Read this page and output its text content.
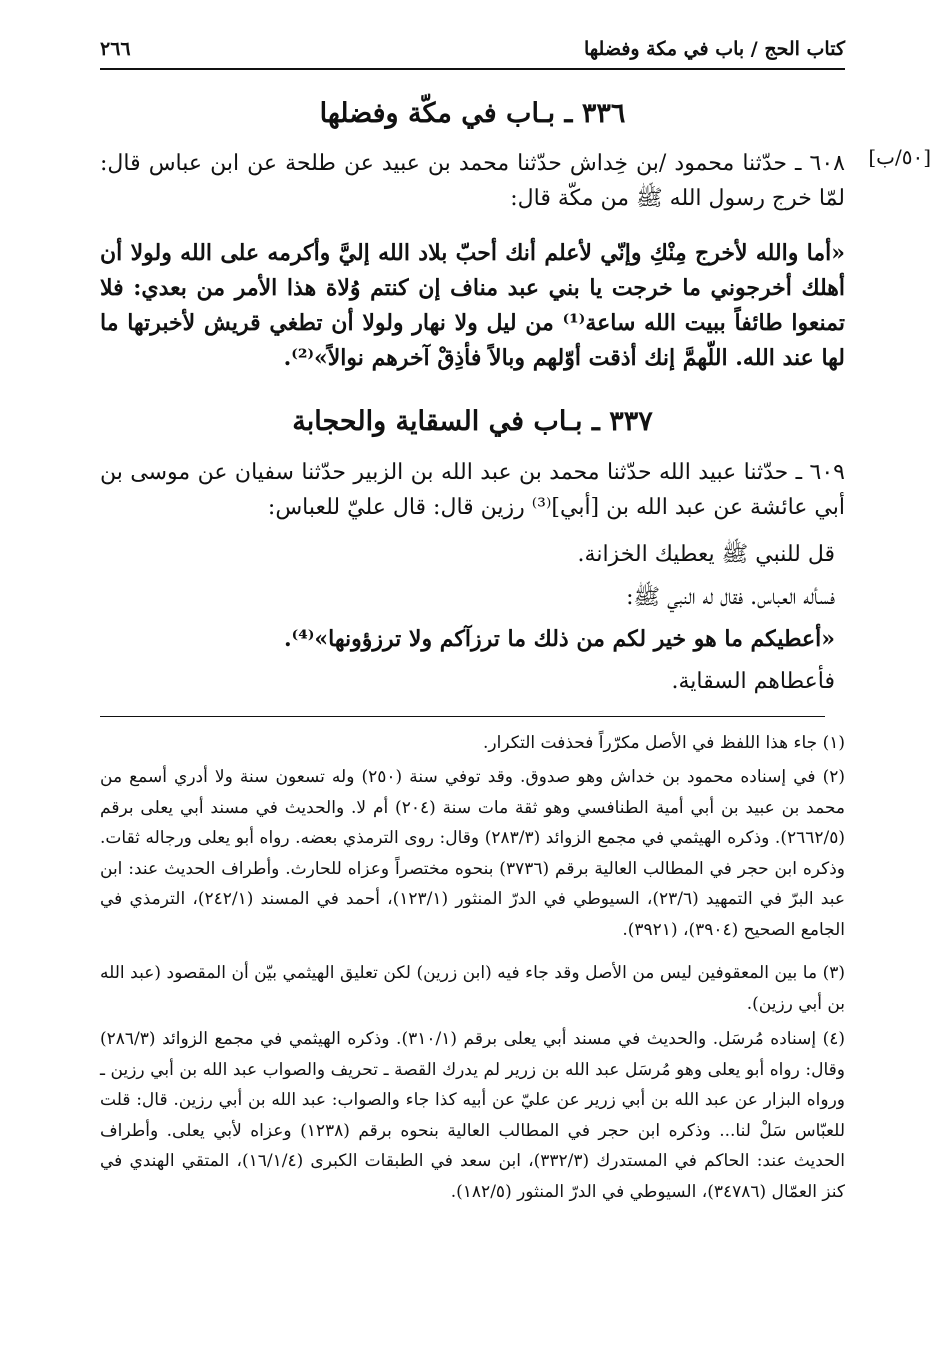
كتاب الحج / باب في مكة وفضلها
٢٦٦
[٥٠/ب]
٣٣٦ ـ بـاب في مكّة وفضلها
٦٠٨ ـ حدّثنا محمود /بن خِداش حدّثنا محمد بن عبيد عن طلحة عن ابن عباس قال: لمّا خرج رسول الله ﷺ من مكّة قال:
«أما والله لأخرج مِنْكِ وإنّي لأعلم أنك أحبّ بلاد الله إليَّ وأكرمه على الله ولولا أن أهلك أخرجوني ما خرجت يا بني عبد مناف إن كنتم وُلاة هذا الأمر من بعدي: فلا تمنعوا طائفاً ببيت الله ساعة⁽¹⁾ من ليل ولا نهار ولولا أن تطغي قريش لأخبرتها ما لها عند الله. اللّهمَّ إنك أذقت أوّلهم وبالاً فأذِقْ آخرهم نوالاً»⁽²⁾.
٣٣٧ ـ بـاب في السقاية والحجابة
٦٠٩ ـ حدّثنا عبيد الله حدّثنا محمد بن عبد الله بن الزبير حدّثنا سفيان عن موسى بن أبي عائشة عن عبد الله بن [أبي]⁽³⁾ رزين قال: قال عليّ للعباس:
قل للنبي ﷺ يعطيك الخزانة.
فسأله العباس. فقال له النبي ﷺ:
«أعطيكم ما هو خير لكم من ذلك ما ترزآكم ولا ترزؤونها»⁽⁴⁾.
فأعطاهم السقاية.
(١) جاء هذا اللفظ في الأصل مكرّراً فحذفت التكرار.
(٢) في إسناده محمود بن خداش وهو صدوق. وقد توفي سنة (٢٥٠) وله تسعون سنة ولا أدري أسمع من محمد بن عبيد بن أبي أمية الطنافسي وهو ثقة مات سنة (٢٠٤) أم لا. والحديث في مسند أبي يعلى برقم (٢٦٦٢/٥). وذكره الهيثمي في مجمع الزوائد (٢٨٣/٣) وقال: روى الترمذي بعضه. رواه أبو يعلى ورجاله ثقات. وذكره ابن حجر في المطالب العالية برقم (٣٧٣٦) بنحوه مختصراً وعزاه للحارث. وأطراف الحديث عند: ابن عبد البرّ في التمهيد (٢٣/٦)، السيوطي في الدرّ المنثور (١٢٣/١)، أحمد في المسند (٢٤٢/١)، الترمذي في الجامع الصحيح (٣٩٠٤)، (٣٩٢١).
(٣) ما بين المعقوفين ليس من الأصل وقد جاء فيه (ابن زرين) لكن تعليق الهيثمي بيّن أن المقصود (عبد الله بن أبي رزين).
(٤) إسناده مُرسَل. والحديث في مسند أبي يعلى برقم (٣١٠/١). وذكره الهيثمي في مجمع الزوائد (٢٨٦/٣) وقال: رواه أبو يعلى وهو مُرسَل عبد الله بن زرير لم يدرك القصة ـ تحريف والصواب عبد الله بن أبي رزين ـ ورواه البزار عن عبد الله بن أبي زرير عن عليّ عن أبيه كذا جاء والصواب: عبد الله بن أبي رزين. قال: قلت للعبّاس سَلْ لنا... وذكره ابن حجر في المطالب العالية بنحوه برقم (١٢٣٨) وعزاه لأبي يعلى. وأطراف الحديث عند: الحاكم في المستدرك (٣٣٢/٣)، ابن سعد في الطبقات الكبرى (١٦/١/٤)، المتقي الهندي في كنز العمّال (٣٤٧٨٦)، السيوطي في الدرّ المنثور (١٨٢/٥).
